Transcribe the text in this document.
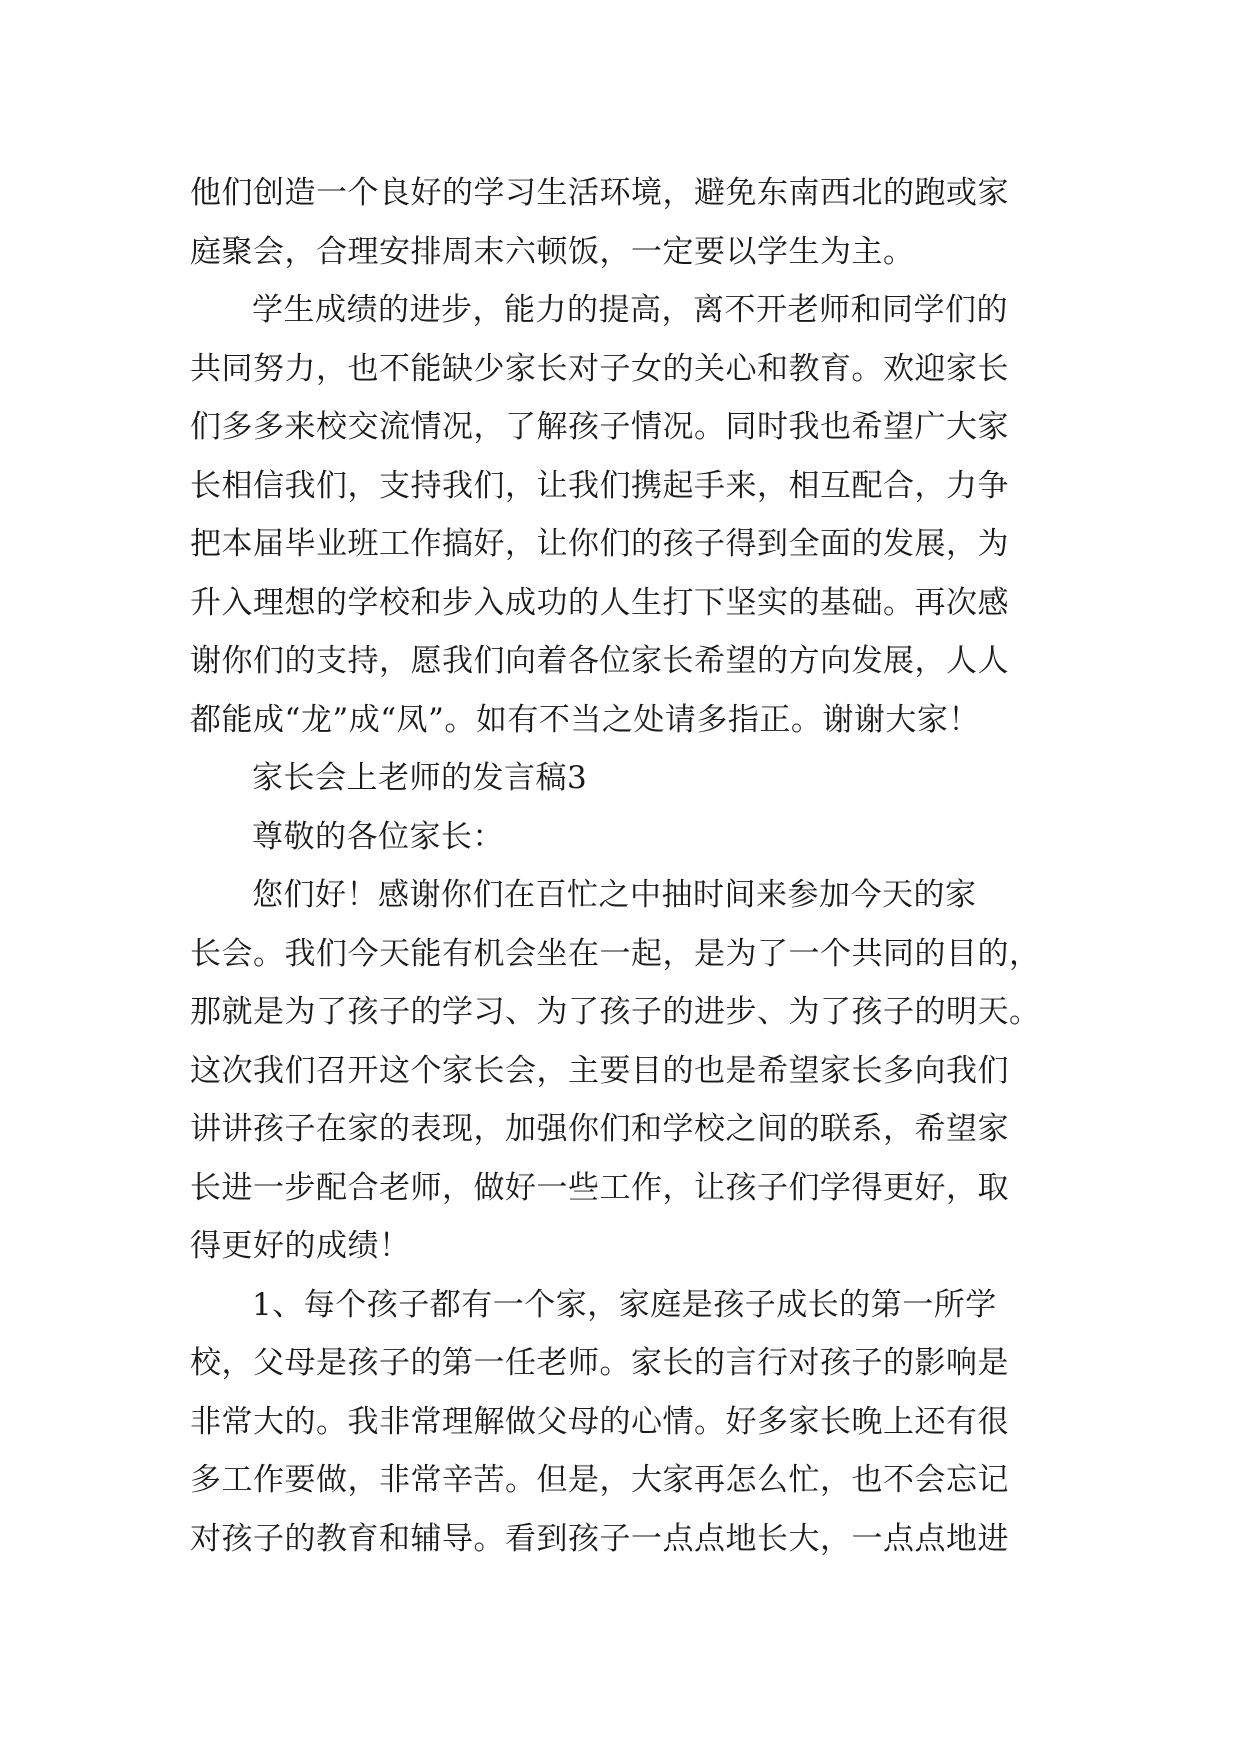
他们创造一个良好的学习生活环境，避免东南西北的跑或家
庭聚会，合理安排周末六顿饭，一定要以学生为主。
学生成绩的进步，能力的提高，离不开老师和同学们的
共同努力，也不能缺少家长对子女的关心和教育。欢迎家长
们多多来校交流情况，了解孩子情况。同时我也希望广大家
长相信我们，支持我们，让我们携起手来，相互配合，力争
把本届毕业班工作搞好，让你们的孩子得到全面的发展，为
升入理想的学校和步入成功的人生打下坚实的基础。再次感
谢你们的支持，愿我们向着各位家长希望的方向发展，人人
都能成“龙”成“凤”。如有不当之处请多指正。谢谢大家！
家长会上老师的发言稿3
尊敬的各位家长：
您们好！感谢你们在百忙之中抽时间来参加今天的家
长会。我们今天能有机会坐在一起，是为了一个共同的目的，
那就是为了孩子的学习、为了孩子的进步、为了孩子的明天。
这次我们召开这个家长会，主要目的也是希望家长多向我们
讲讲孩子在家的表现，加强你们和学校之间的联系，希望家
长进一步配合老师，做好一些工作，让孩子们学得更好，取
得更好的成绩！
1、每个孩子都有一个家，家庭是孩子成长的第一所学
校，父母是孩子的第一任老师。家长的言行对孩子的影响是
非常大的。我非常理解做父母的心情。好多家长晚上还有很
多工作要做，非常辛苦。但是，大家再怎么忙，也不会忘记
对孩子的教育和辅导。看到孩子一点点地长大，一点点地进
